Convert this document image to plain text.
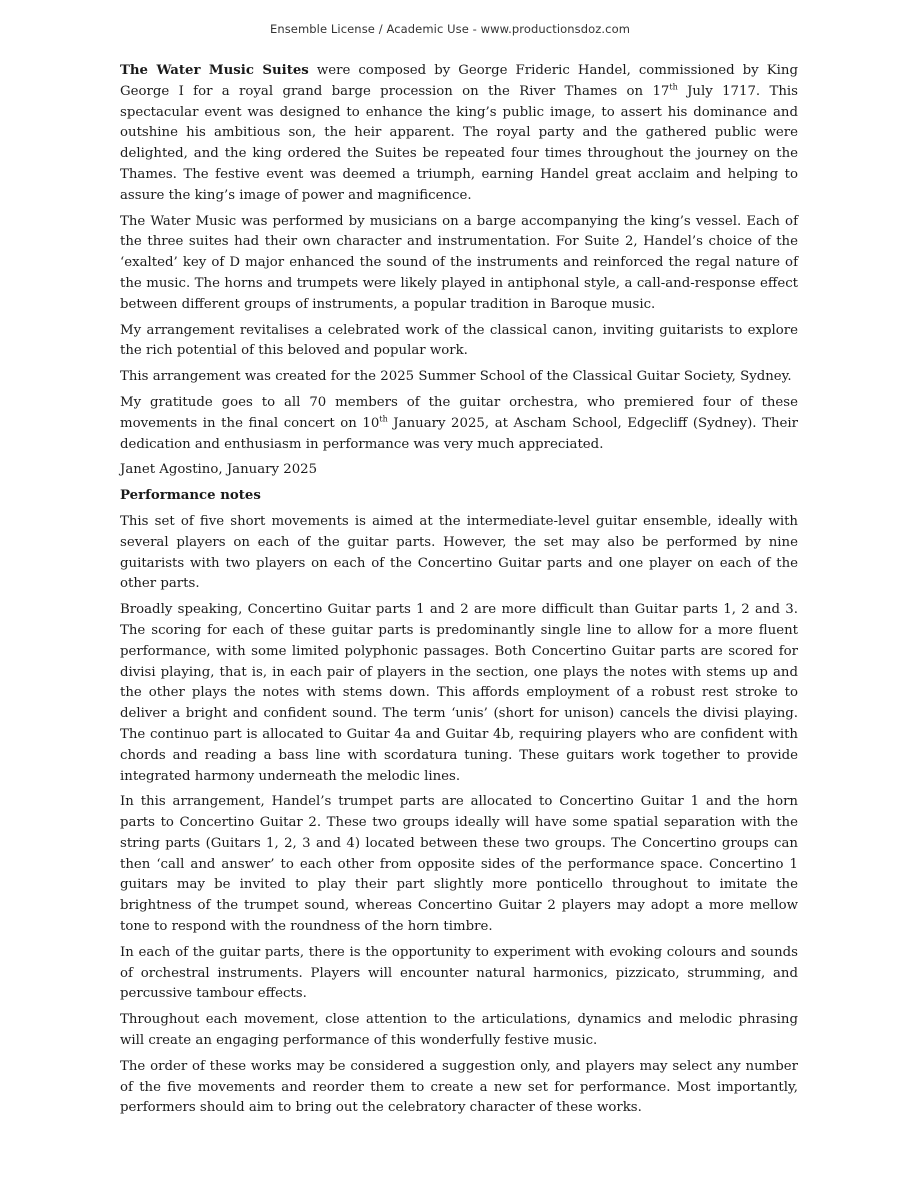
Ensemble License / Academic Use - www.productionsdoz.com

The Water Music Suites were composed by George Frideric Handel, commissioned by King George I for a royal grand barge procession on the River Thames on 17th July 1717. This spectacular event was designed to enhance the king’s public image, to assert his dominance and outshine his ambitious son, the heir apparent. The royal party and the gathered public were delighted, and the king ordered the Suites be repeated four times throughout the journey on the Thames. The festive event was deemed a triumph, earning Handel great acclaim and helping to assure the king’s image of power and magnificence.

The Water Music was performed by musicians on a barge accompanying the king’s vessel. Each of the three suites had their own character and instrumentation. For Suite 2, Handel’s choice of the ‘exalted’ key of D major enhanced the sound of the instruments and reinforced the regal nature of the music. The horns and trumpets were likely played in antiphonal style, a call-and-response effect between different groups of instruments, a popular tradition in Baroque music.

My arrangement revitalises a celebrated work of the classical canon, inviting guitarists to explore the rich potential of this beloved and popular work.

This arrangement was created for the 2025 Summer School of the Classical Guitar Society, Sydney.

My gratitude goes to all 70 members of the guitar orchestra, who premiered four of these movements in the final concert on 10th January 2025, at Ascham School, Edgecliff (Sydney). Their dedication and enthusiasm in performance was very much appreciated.

Janet Agostino, January 2025

Performance notes

This set of five short movements is aimed at the intermediate-level guitar ensemble, ideally with several players on each of the guitar parts. However, the set may also be performed by nine guitarists with two players on each of the Concertino Guitar parts and one player on each of the other parts.

Broadly speaking, Concertino Guitar parts 1 and 2 are more difficult than Guitar parts 1, 2 and 3. The scoring for each of these guitar parts is predominantly single line to allow for a more fluent performance, with some limited polyphonic passages. Both Concertino Guitar parts are scored for divisi playing, that is, in each pair of players in the section, one plays the notes with stems up and the other plays the notes with stems down. This affords employment of a robust rest stroke to deliver a bright and confident sound. The term ‘unis’ (short for unison) cancels the divisi playing. The continuo part is allocated to Guitar 4a and Guitar 4b, requiring players who are confident with chords and reading a bass line with scordatura tuning. These guitars work together to provide integrated harmony underneath the melodic lines.

In this arrangement, Handel’s trumpet parts are allocated to Concertino Guitar 1 and the horn parts to Concertino Guitar 2. These two groups ideally will have some spatial separation with the string parts (Guitars 1, 2, 3 and 4) located between these two groups. The Concertino groups can then ‘call and answer’ to each other from opposite sides of the performance space. Concertino 1 guitars may be invited to play their part slightly more ponticello throughout to imitate the brightness of the trumpet sound, whereas Concertino Guitar 2 players may adopt a more mellow tone to respond with the roundness of the horn timbre.

In each of the guitar parts, there is the opportunity to experiment with evoking colours and sounds of orchestral instruments. Players will encounter natural harmonics, pizzicato, strumming, and percussive tambour effects.

Throughout each movement, close attention to the articulations, dynamics and melodic phrasing will create an engaging performance of this wonderfully festive music.

The order of these works may be considered a suggestion only, and players may select any number of the five movements and reorder them to create a new set for performance. Most importantly, performers should aim to bring out the celebratory character of these works.
